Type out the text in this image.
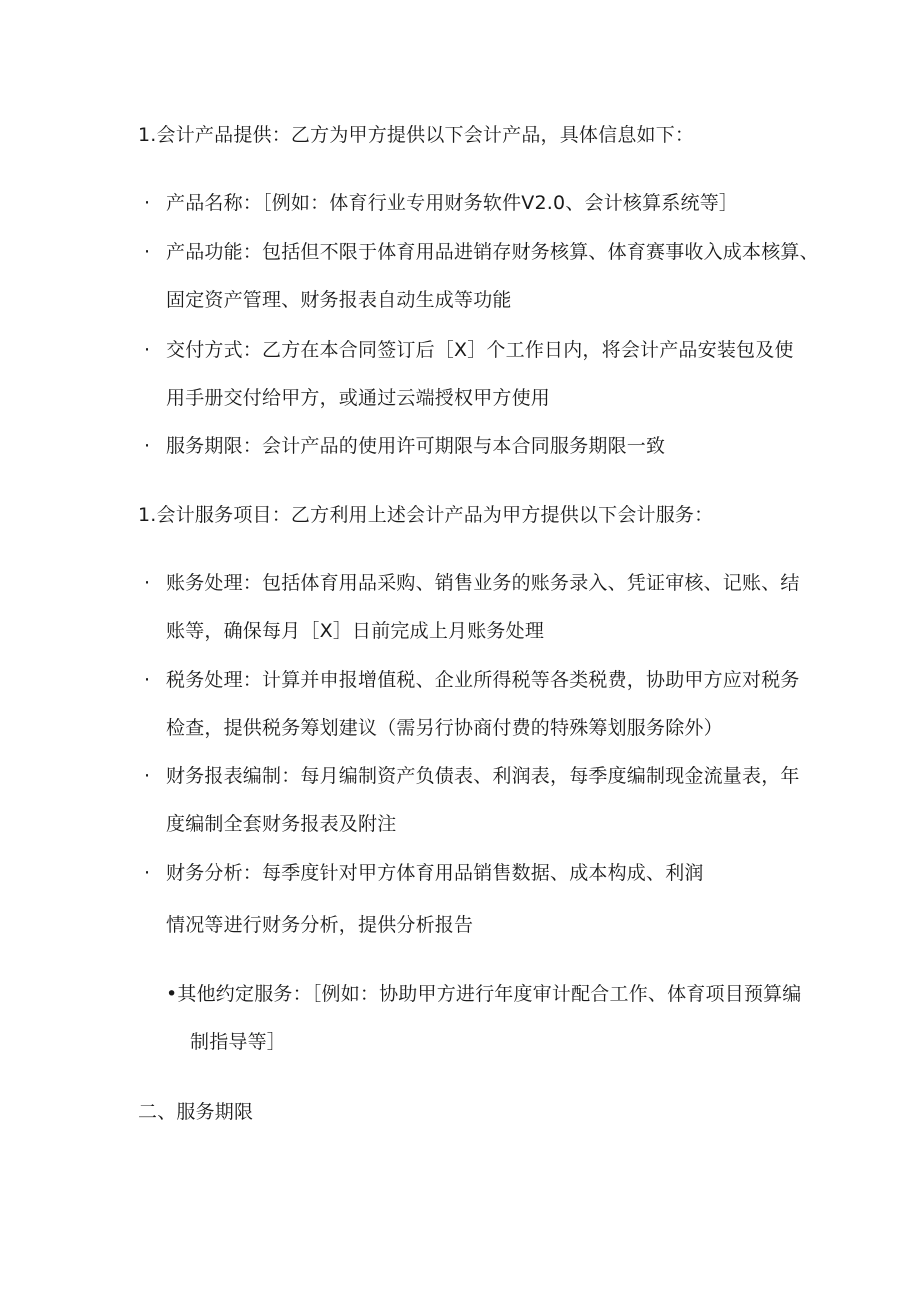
1.会计产品提供：乙方为甲方提供以下会计产品，具体信息如下：
· 产品名称：［例如：体育行业专用财务软件V2.0、会计核算系统等］
· 产品功能：包括但不限于体育用品进销存财务核算、体育赛事收入成本核算、
固定资产管理、财务报表自动生成等功能
· 交付方式：乙方在本合同签订后［X］个工作日内，将会计产品安装包及使
用手册交付给甲方，或通过云端授权甲方使用
· 服务期限：会计产品的使用许可期限与本合同服务期限一致
1.会计服务项目：乙方利用上述会计产品为甲方提供以下会计服务：
· 账务处理：包括体育用品采购、销售业务的账务录入、凭证审核、记账、结
账等，确保每月［X］日前完成上月账务处理
· 税务处理：计算并申报增值税、企业所得税等各类税费，协助甲方应对税务
检查，提供税务筹划建议（需另行协商付费的特殊筹划服务除外）
· 财务报表编制：每月编制资产负债表、利润表，每季度编制现金流量表，年
度编制全套财务报表及附注
· 财务分析：每季度针对甲方体育用品销售数据、成本构成、利润
情况等进行财务分析，提供分析报告
•其他约定服务：［例如：协助甲方进行年度审计配合工作、体育项目预算编
制指导等］
二、服务期限
